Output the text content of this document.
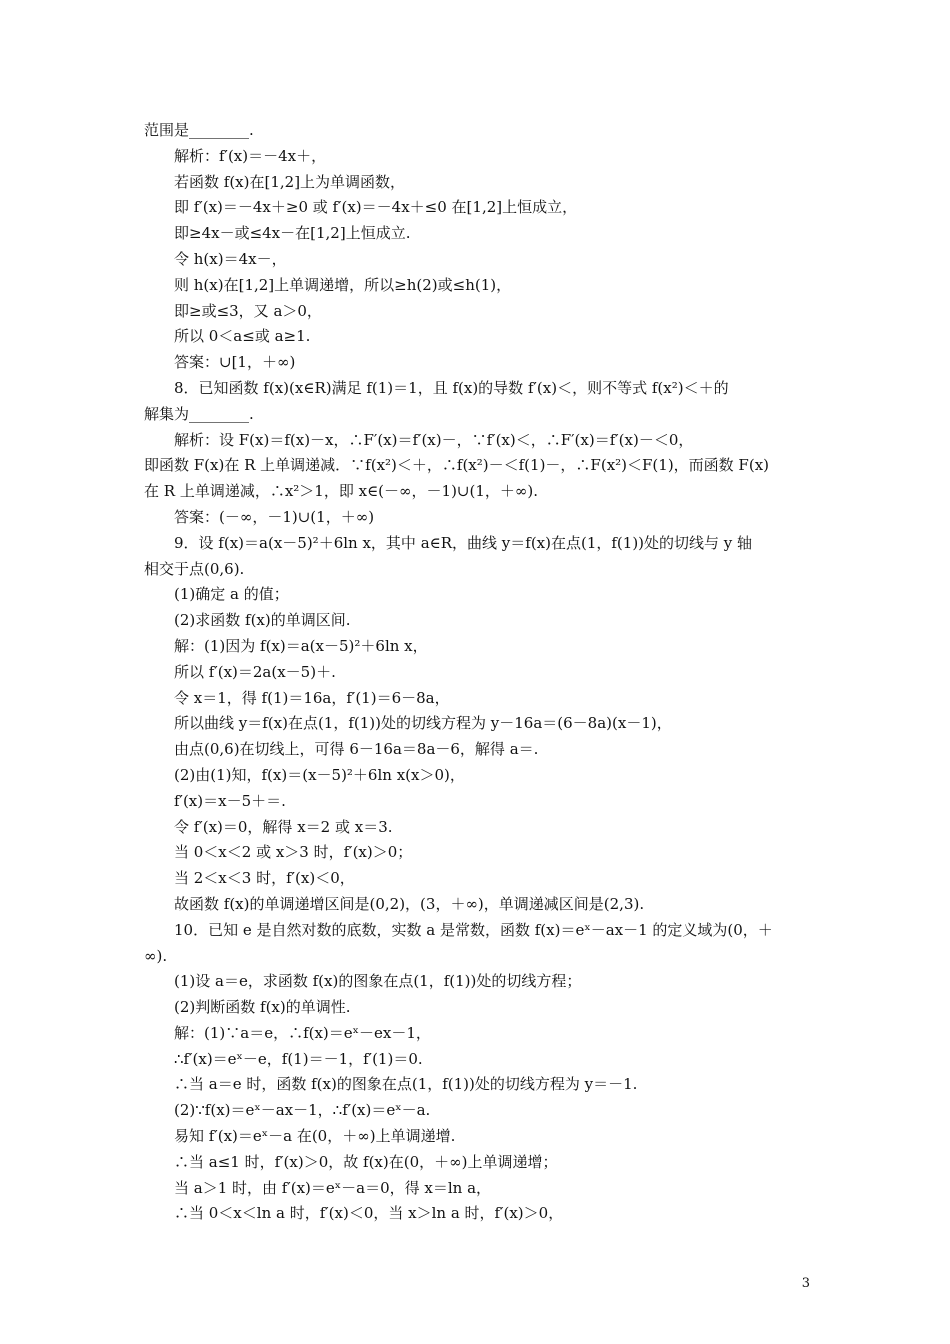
范围是________.
解析：f′(x)＝－4x＋，
若函数 f(x)在[1,2]上为单调函数，
即 f′(x)＝－4x＋≥0 或 f′(x)＝－4x＋≤0 在[1,2]上恒成立，
即≥4x－或≤4x－在[1,2]上恒成立.
令 h(x)＝4x－，
则 h(x)在[1,2]上单调递增，所以≥h(2)或≤h(1)，
即≥或≤3，又 a＞0，
所以 0＜a≤或 a≥1.
答案：∪[1，＋∞)
8．已知函数 f(x)(x∈R)满足 f(1)＝1，且 f(x)的导数 f′(x)＜，则不等式 f(x²)＜＋的
解集为________.
解析：设 F(x)＝f(x)－x，∴F′(x)＝f′(x)－，∵f′(x)＜，∴F′(x)＝f′(x)－＜0，
即函数 F(x)在 R 上单调递减．∵f(x²)＜＋，∴f(x²)－＜f(1)－，∴F(x²)＜F(1)，而函数 F(x)
在 R 上单调递减，∴x²＞1，即 x∈(－∞，－1)∪(1，＋∞).
答案：(－∞，－1)∪(1，＋∞)
9．设 f(x)＝a(x－5)²＋6ln x，其中 a∈R，曲线 y＝f(x)在点(1，f(1))处的切线与 y 轴
相交于点(0,6).
(1)确定 a 的值；
(2)求函数 f(x)的单调区间.
解：(1)因为 f(x)＝a(x－5)²＋6ln x，
所以 f′(x)＝2a(x－5)＋.
令 x＝1，得 f(1)＝16a，f′(1)＝6－8a，
所以曲线 y＝f(x)在点(1，f(1))处的切线方程为 y－16a＝(6－8a)(x－1)，
由点(0,6)在切线上，可得 6－16a＝8a－6，解得 a＝.
(2)由(1)知，f(x)＝(x－5)²＋6ln x(x＞0)，
f′(x)＝x－5＋＝.
令 f′(x)＝0，解得 x＝2 或 x＝3.
当 0＜x＜2 或 x＞3 时，f′(x)＞0；
当 2＜x＜3 时，f′(x)＜0，
故函数 f(x)的单调递增区间是(0,2)，(3，＋∞)，单调递减区间是(2,3).
10．已知 e 是自然对数的底数，实数 a 是常数，函数 f(x)＝eˣ－ax－1 的定义域为(0，＋
∞).
(1)设 a＝e，求函数 f(x)的图象在点(1，f(1))处的切线方程；
(2)判断函数 f(x)的单调性.
解：(1)∵a＝e，∴f(x)＝eˣ－ex－1，
∴f′(x)＝eˣ－e，f(1)＝－1，f′(1)＝0.
∴当 a＝e 时，函数 f(x)的图象在点(1，f(1))处的切线方程为 y＝－1.
(2)∵f(x)＝eˣ－ax－1，∴f′(x)＝eˣ－a.
易知 f′(x)＝eˣ－a 在(0，＋∞)上单调递增.
∴当 a≤1 时，f′(x)＞0，故 f(x)在(0，＋∞)上单调递增；
当 a＞1 时，由 f′(x)＝eˣ－a＝0，得 x＝ln a，
∴当 0＜x＜ln a 时，f′(x)＜0，当 x＞ln a 时，f′(x)＞0，
3
